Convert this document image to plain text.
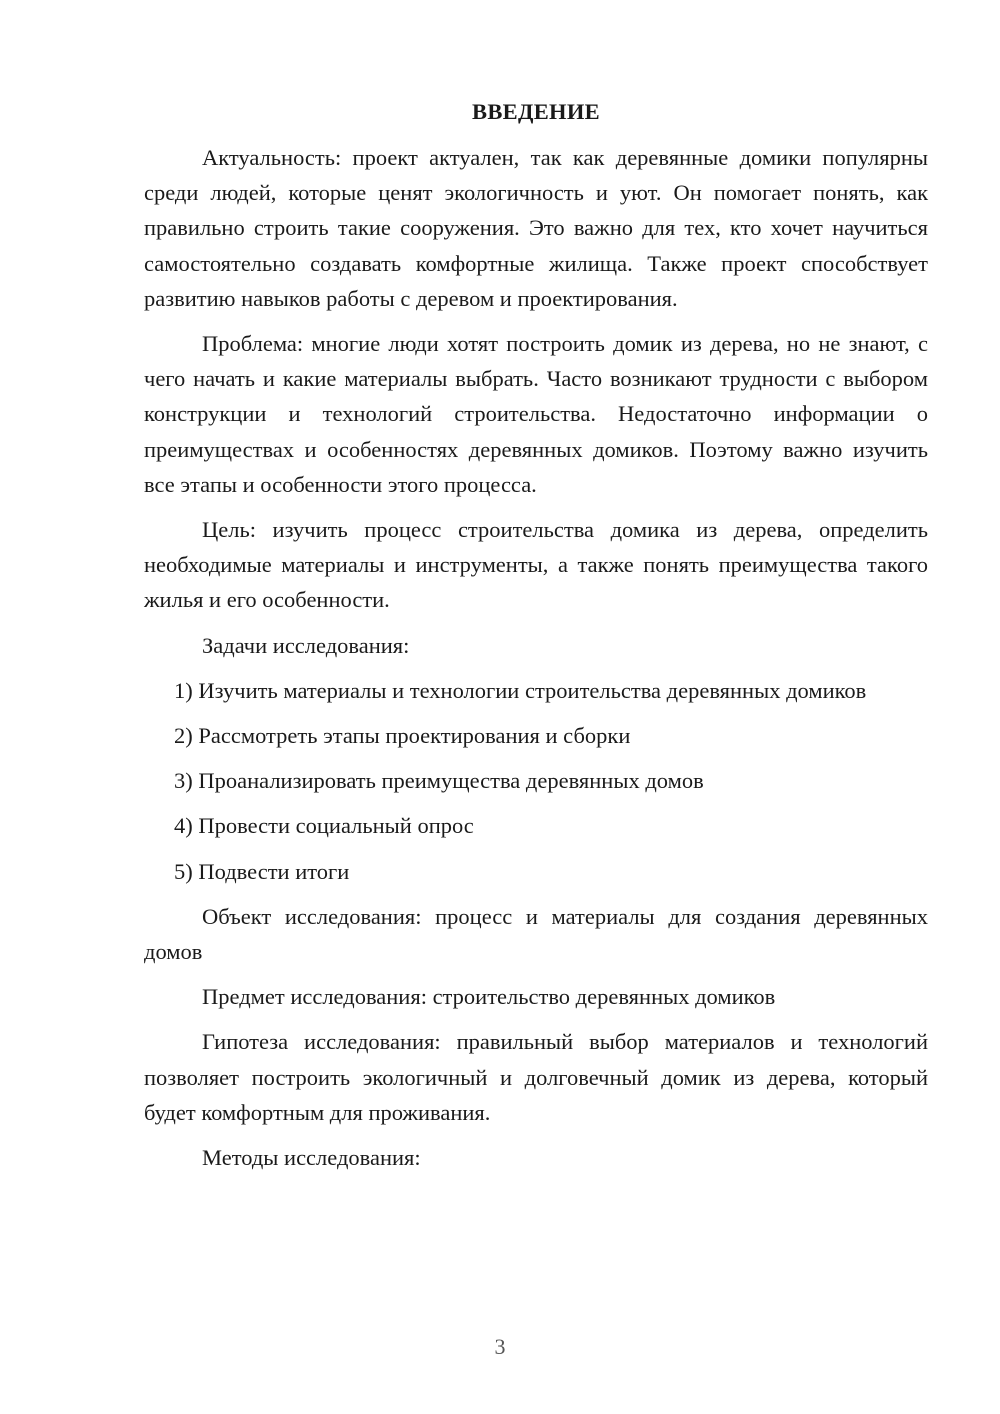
ВВЕДЕНИЕ

Актуальность: проект актуален, так как деревянные домики популярны среди людей, которые ценят экологичность и уют. Он помогает понять, как правильно строить такие сооружения. Это важно для тех, кто хочет научиться самостоятельно создавать комфортные жилища. Также проект способствует развитию навыков работы с деревом и проектирования.

Проблема: многие люди хотят построить домик из дерева, но не знают, с чего начать и какие материалы выбрать. Часто возникают трудности с выбором конструкции и технологий строительства. Недостаточно информации о преимуществах и особенностях деревянных домиков. Поэтому важно изучить все этапы и особенности этого процесса.

Цель: изучить процесс строительства домика из дерева, определить необходимые материалы и инструменты, а также понять преимущества такого жилья и его особенности.

Задачи исследования:

1) Изучить материалы и технологии строительства деревянных домиков

2) Рассмотреть этапы проектирования и сборки

3) Проанализировать преимущества деревянных домов

4) Провести социальный опрос

5) Подвести итоги

Объект исследования: процесс и материалы для создания деревянных домов

Предмет исследования: строительство деревянных домиков

Гипотеза исследования: правильный выбор материалов и технологий позволяет построить экологичный и долговечный домик из дерева, который будет комфортным для проживания.

Методы исследования:

3
